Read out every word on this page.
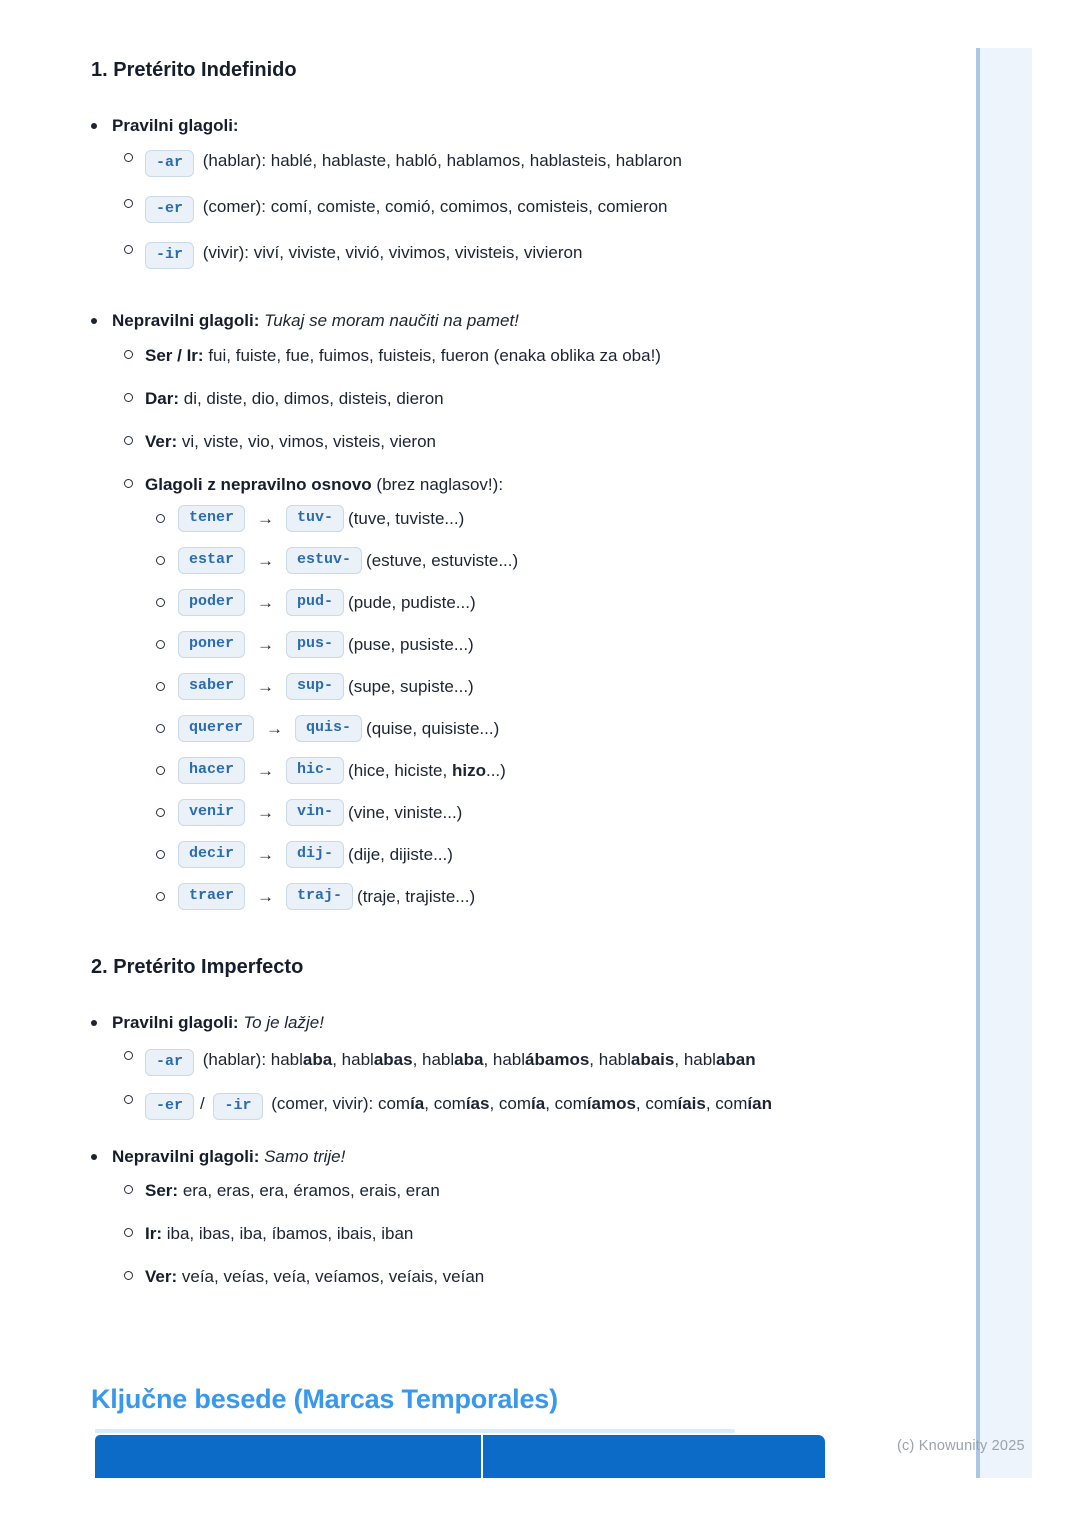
1. Pretérito Indefinido
Pravilni glagoli:
-ar (hablar): hablé, hablaste, habló, hablamos, hablasteis, hablaron
-er (comer): comí, comiste, comió, comimos, comisteis, comieron
-ir (vivir): viví, viviste, vivió, vivimos, vivisteis, vivieron
Nepravilni glagoli: Tukaj se moram naučiti na pamet!
Ser / Ir: fui, fuiste, fue, fuimos, fuisteis, fueron (enaka oblika za oba!)
Dar: di, diste, dio, dimos, disteis, dieron
Ver: vi, viste, vio, vimos, visteis, vieron
Glagoli z nepravilno osnovo (brez naglasov!):
tener	→	tuv- (tuve, tuviste...)
estar	→	estuv- (estuve, estuviste...)
poder	→	pud- (pude, pudiste...)
poner	→	pus- (puse, pusiste...)
saber	→	sup- (supe, supiste...)
querer	→	quis- (quise, quisiste...)
hacer	→	hic- (hice, hiciste, hizo...)
venir	→	vin- (vine, viniste...)
decir	→	dij- (dije, dijiste...)
traer	→	traj- (traje, trajiste...)
2. Pretérito Imperfecto
Pravilni glagoli: To je lažje!
-ar (hablar): hablaba, hablabas, hablaba, hablábamos, hablabais, hablaban
-er / -ir (comer, vivir): comía, comías, comía, comíamos, comíais, comían
Nepravilni glagoli: Samo trije!
Ser: era, eras, era, éramos, erais, eran
Ir: iba, ibas, iba, íbamos, ibais, iban
Ver: veía, veías, veía, veíamos, veíais, veían
Ključne besede (Marcas Temporales)
(c) Knowunity 2025
